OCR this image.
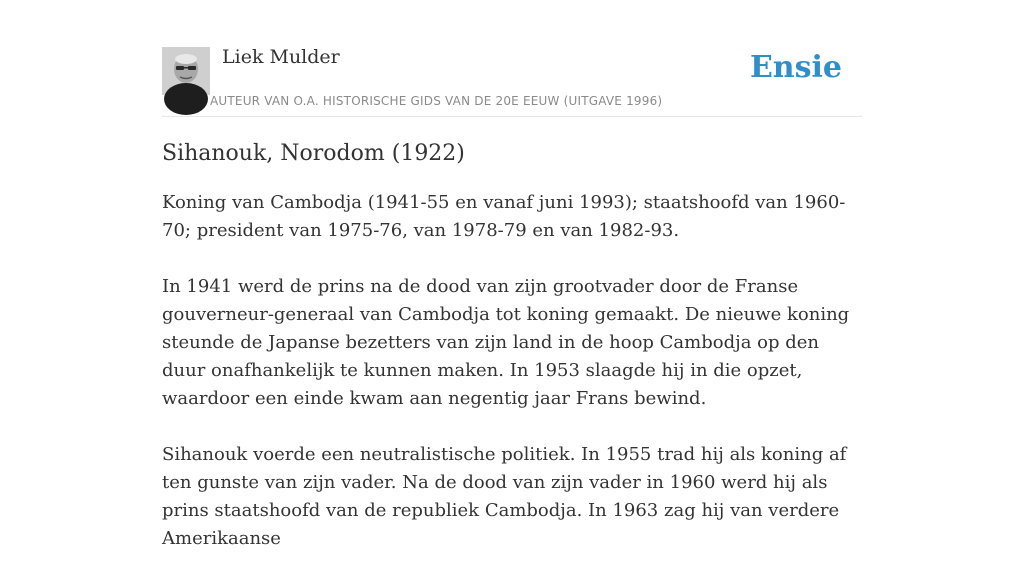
Liek Mulder
AUTEUR VAN O.A. HISTORISCHE GIDS VAN DE 20E EEUW (UITGAVE 1996)
Ensie
Sihanouk, Norodom (1922)

Koning van Cambodja (1941-55 en vanaf juni 1993); staatshoofd van 1960-70; president van 1975-76, van 1978-79 en van 1982-93.

In 1941 werd de prins na de dood van zijn grootvader door de Franse gouverneur-generaal van Cambodja tot koning gemaakt. De nieuwe koning steunde de Japanse bezetters van zijn land in de hoop Cambodja op den duur onafhankelijk te kunnen maken. In 1953 slaagde hij in die opzet, waardoor een einde kwam aan negentig jaar Frans bewind.

Sihanouk voerde een neutralistische politiek. In 1955 trad hij als koning af ten gunste van zijn vader. Na de dood van zijn vader in 1960 werd hij als prins staatshoofd van de republiek Cambodja. In 1963 zag hij van verdere Amerikaanse
